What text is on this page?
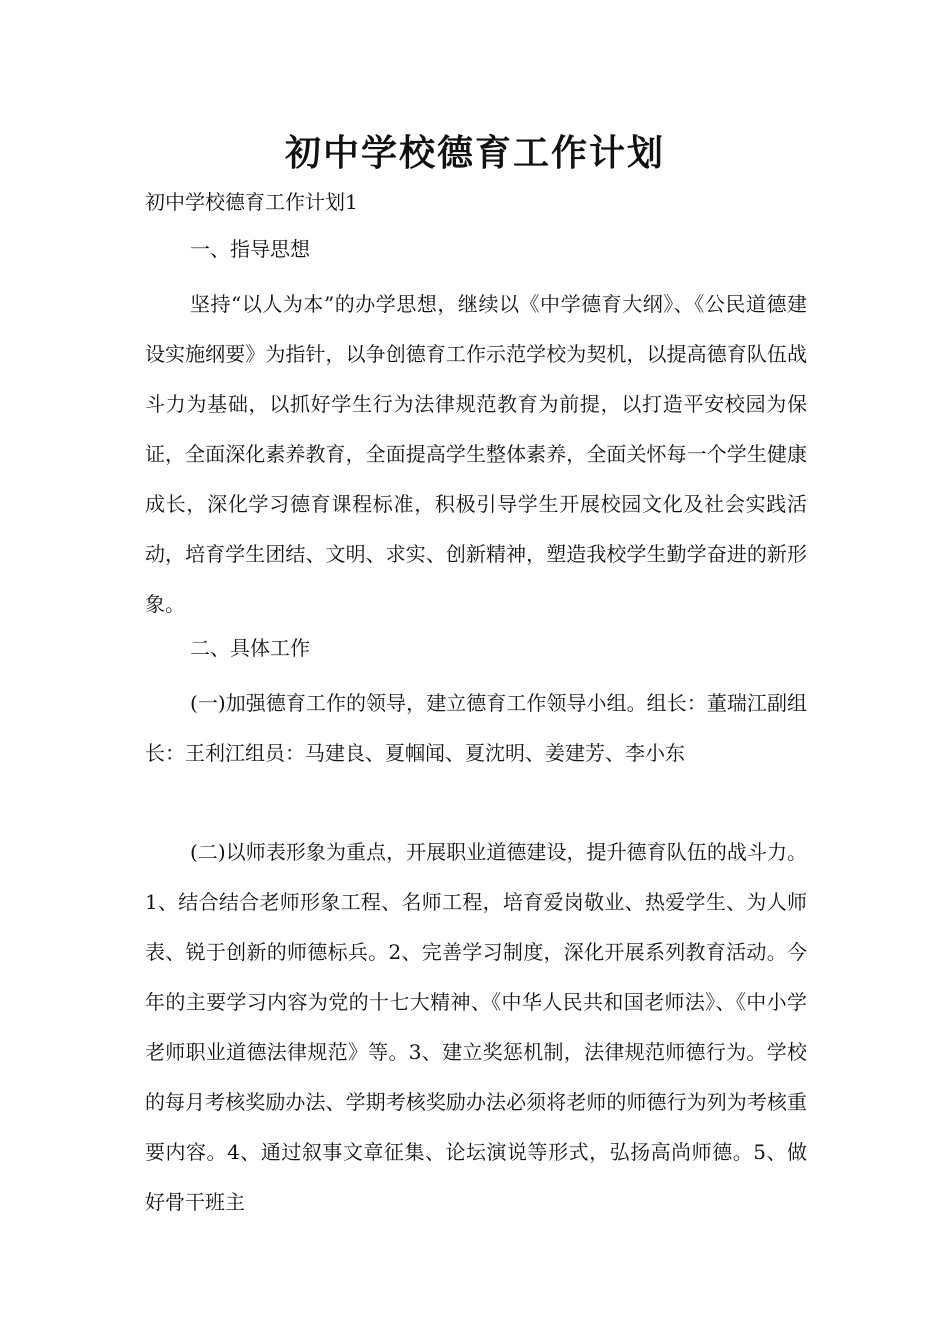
初中学校德育工作计划

初中学校德育工作计划1

一、指导思想

坚持“以人为本”的办学思想，继续以《中学德育大纲》、《公民道德建设实施纲要》为指针，以争创德育工作示范学校为契机，以提高德育队伍战斗力为基础，以抓好学生行为法律规范教育为前提，以打造平安校园为保证，全面深化素养教育，全面提高学生整体素养，全面关怀每一个学生健康成长，深化学习德育课程标准，积极引导学生开展校园文化及社会实践活动，培育学生团结、文明、求实、创新精神，塑造我校学生勤学奋进的新形象。

二、具体工作

(一)加强德育工作的领导，建立德育工作领导小组。组长：董瑞江副组长：王利江组员：马建良、夏帼闻、夏沈明、姜建芳、李小东

(二)以师表形象为重点，开展职业道德建设，提升德育队伍的战斗力。1、结合结合老师形象工程、名师工程，培育爱岗敬业、热爱学生、为人师表、锐于创新的师德标兵。2、完善学习制度，深化开展系列教育活动。今年的主要学习内容为党的十七大精神、《中华人民共和国老师法》、《中小学老师职业道德法律规范》等。3、建立奖惩机制，法律规范师德行为。学校的每月考核奖励办法、学期考核奖励办法必须将老师的师德行为列为考核重要内容。4、通过叙事文章征集、论坛演说等形式，弘扬高尚师德。5、做好骨干班主
